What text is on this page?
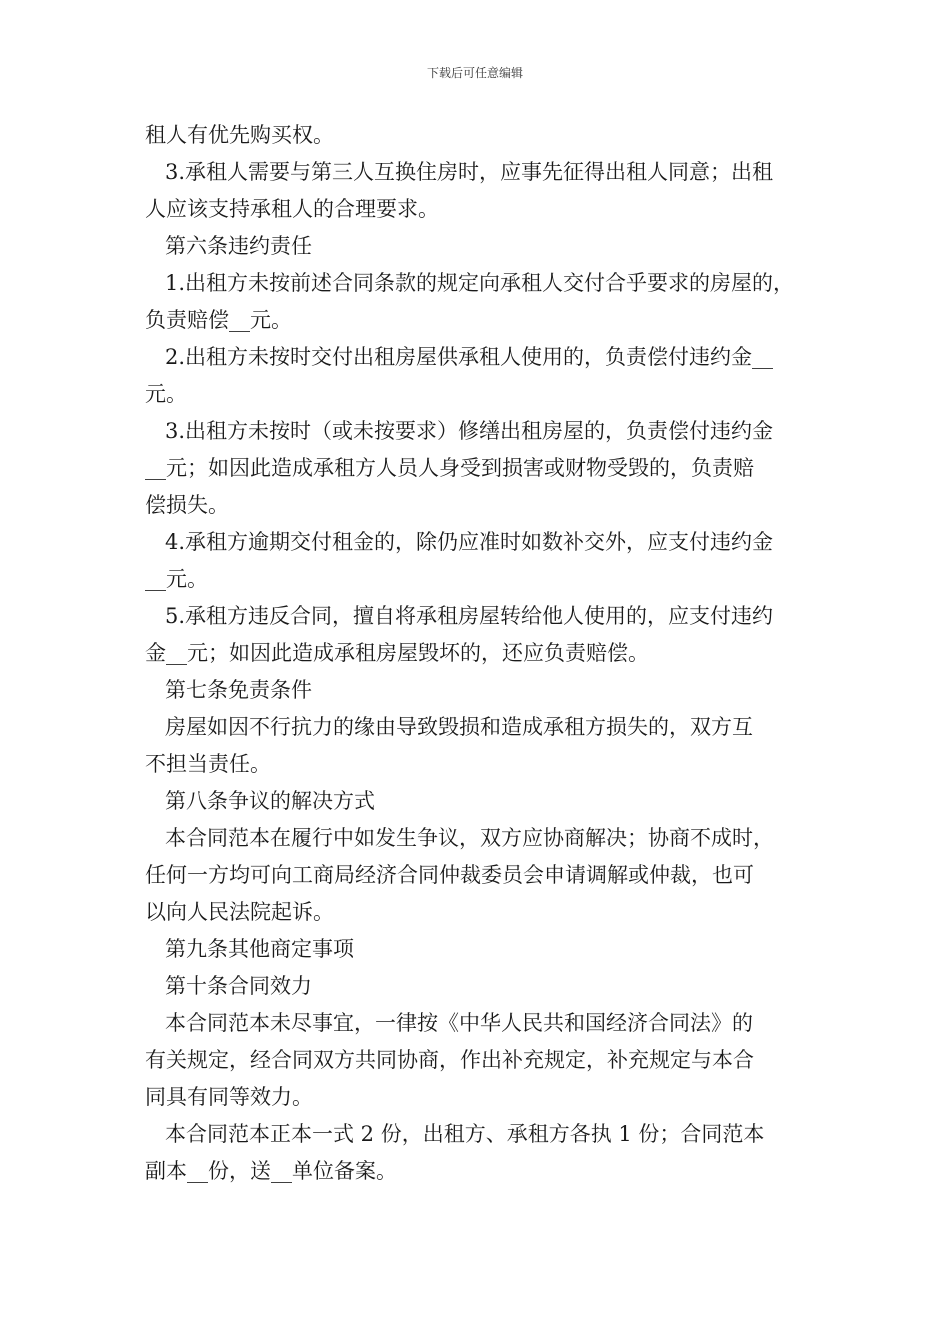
下载后可任意编辑
租人有优先购买权。
3.承租人需要与第三人互换住房时，应事先征得出租人同意；出租
人应该支持承租人的合理要求。
第六条违约责任
1.出租方未按前述合同条款的规定向承租人交付合乎要求的房屋的，
负责赔偿__元。
2.出租方未按时交付出租房屋供承租人使用的，负责偿付违约金__
元。
3.出租方未按时（或未按要求）修缮出租房屋的，负责偿付违约金
__元；如因此造成承租方人员人身受到损害或财物受毁的，负责赔
偿损失。
4.承租方逾期交付租金的，除仍应准时如数补交外，应支付违约金
__元。
5.承租方违反合同，擅自将承租房屋转给他人使用的，应支付违约
金__元；如因此造成承租房屋毁坏的，还应负责赔偿。
第七条免责条件
房屋如因不行抗力的缘由导致毁损和造成承租方损失的，双方互
不担当责任。
第八条争议的解决方式
本合同范本在履行中如发生争议，双方应协商解决；协商不成时，
任何一方均可向工商局经济合同仲裁委员会申请调解或仲裁，也可
以向人民法院起诉。
第九条其他商定事项
第十条合同效力
本合同范本未尽事宜，一律按《中华人民共和国经济合同法》的
有关规定，经合同双方共同协商，作出补充规定，补充规定与本合
同具有同等效力。
本合同范本正本一式 2 份，出租方、承租方各执 1 份；合同范本
副本__份，送__单位备案。
